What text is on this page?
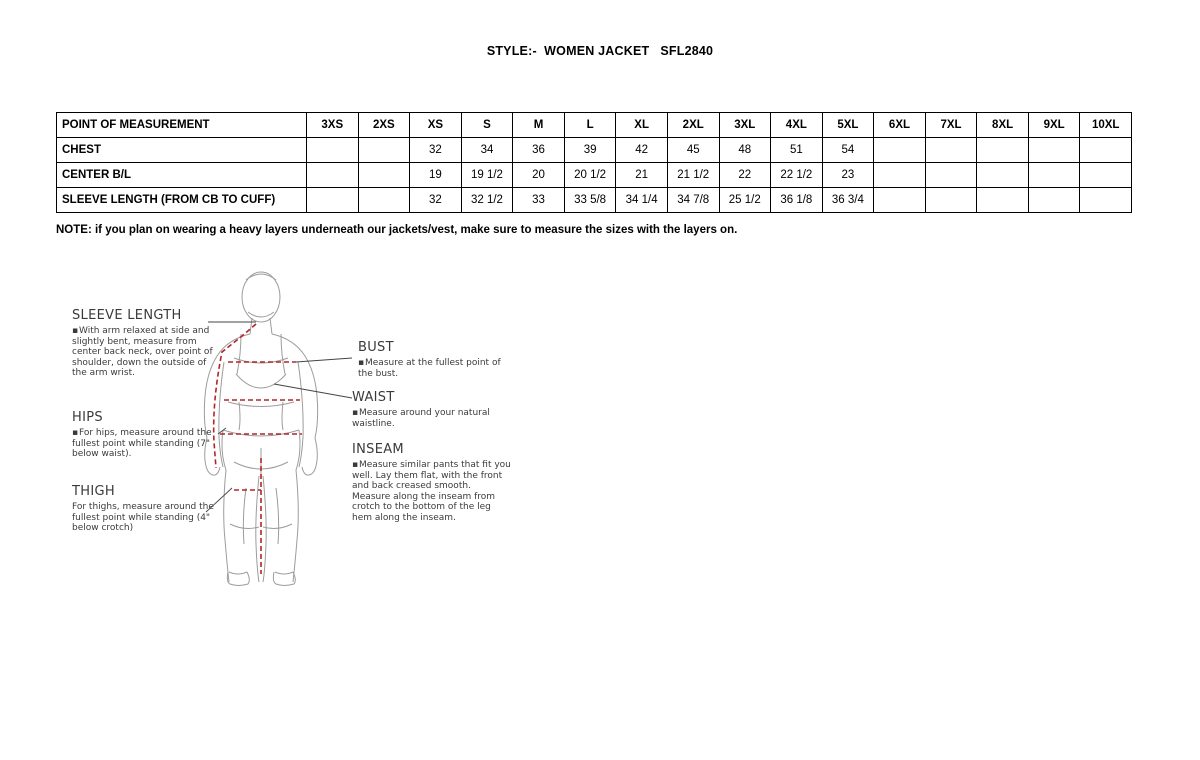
STYLE:-  WOMEN JACKET   SFL2840
POINT OF MEASUREMENT	3XS	2XS	XS	S	M	L	XL	2XL	3XL	4XL	5XL	6XL	7XL	8XL	9XL	10XL
CHEST			32	34	36	39	42	45	48	51	54					
CENTER B/L			19	19 1/2	20	20 1/2	21	21 1/2	22	22 1/2	23					
SLEEVE LENGTH (FROM CB TO CUFF)			32	32 1/2	33	33 5/8	34 1/4	34 7/8	25 1/2	36 1/8	36 3/4					
NOTE: if you plan on wearing a heavy layers underneath our jackets/vest, make sure to measure the sizes with the layers on.
SLEEVE LENGTH
▪With arm relaxed at side and slightly bent, measure from center back neck, over point of shoulder, down the outside of the arm wrist.
HIPS
▪For hips, measure around the fullest point while standing (7" below waist).
THIGH
For thighs, measure around the fullest point while standing (4" below crotch)
BUST
▪Measure at the fullest point of the bust.
WAIST
▪Measure around your natural waistline.
INSEAM
▪Measure similar pants that fit you well. Lay them flat, with the front and back creased smooth. Measure along the inseam from crotch to the bottom of the leg hem along the inseam.
